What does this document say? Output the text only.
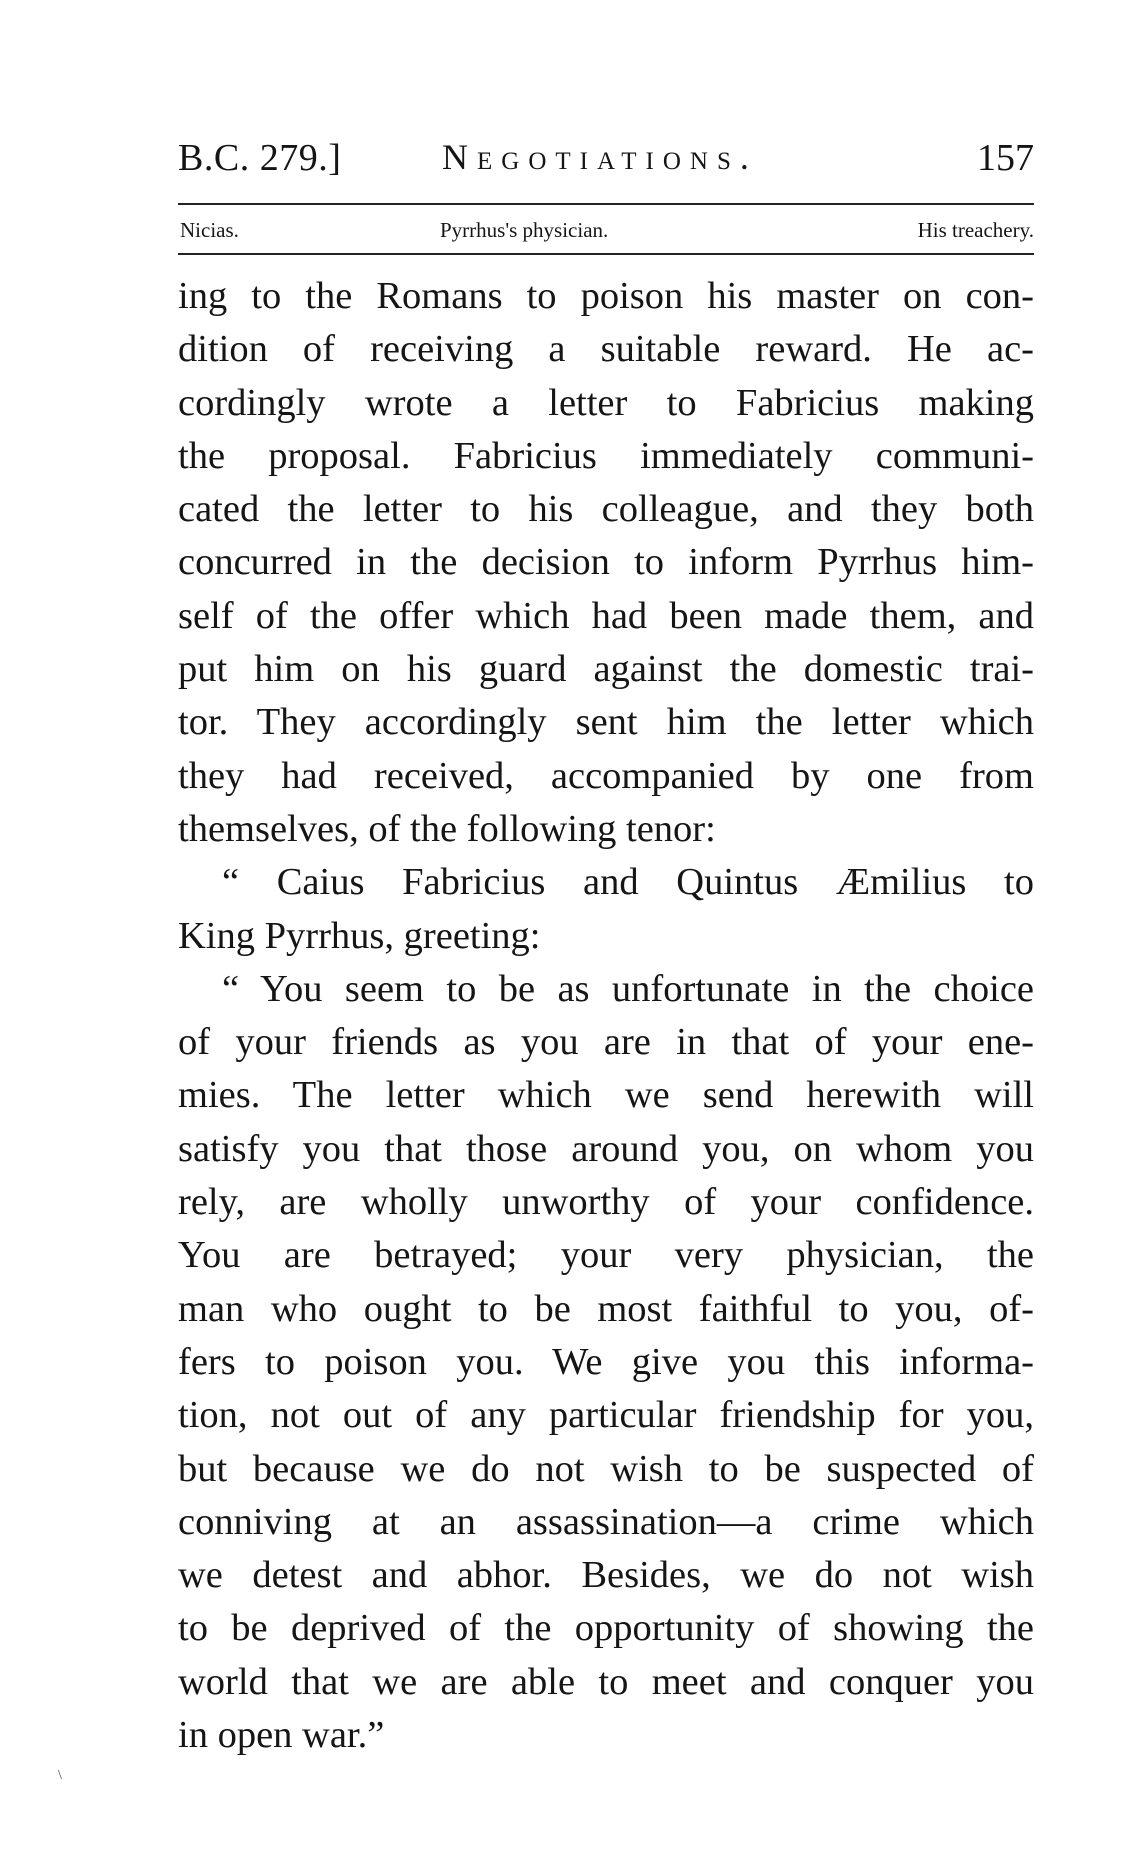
B.C. 279.]	Negotiations.	157
Nicias.	Pyrrhus's physician.	His treachery.
ing to the Romans to poison his master on con-
dition of receiving a suitable reward. He ac-
cordingly wrote a letter to Fabricius making
the proposal. Fabricius immediately communi-
cated the letter to his colleague, and they both
concurred in the decision to inform Pyrrhus him-
self of the offer which had been made them, and
put him on his guard against the domestic trai-
tor. They accordingly sent him the letter which
they had received, accompanied by one from
themselves, of the following tenor:
“ Caius Fabricius and Quintus Æmilius to
King Pyrrhus, greeting:
“ You seem to be as unfortunate in the choice
of your friends as you are in that of your ene-
mies. The letter which we send herewith will
satisfy you that those around you, on whom you
rely, are wholly unworthy of your confidence.
You are betrayed; your very physician, the
man who ought to be most faithful to you, of-
fers to poison you. We give you this informa-
tion, not out of any particular friendship for you,
but because we do not wish to be suspected of
conniving at an assassination—a crime which
we detest and abhor. Besides, we do not wish
to be deprived of the opportunity of showing the
world that we are able to meet and conquer you
in open war.”
\
